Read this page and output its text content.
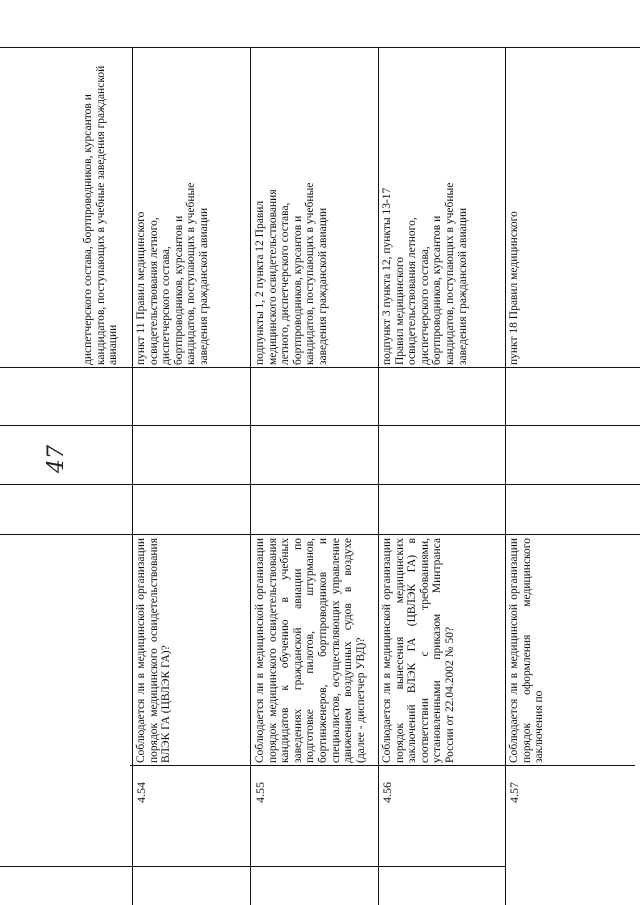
47
диспетчерского состава, бортпроводников, курсантов и кандидатов, поступающих в учебные заведения гражданской авиации
4.54
Соблюдается ли в медицинской организации порядок медицинского освидетельствования ВЛЭК ГА (ЦВЛЭК ГА)?
пункт 11 Правил медицинского освидетельствования летного, диспетчерского состава, бортпроводников, курсантов и кандидатов, поступающих в учебные заведения гражданской авиации
4.55
Соблюдается ли в медицинской организации порядок медицинского освидетельствования кандидатов к обучению в учебных заведениях гражданской авиации по подготовке пилотов, штурманов, бортинженеров, бортпроводников и специалистов, осуществляющих управление движением воздушных судов в воздухе (далее - диспетчер УВД)?
подпункты 1, 2 пункта 12 Правил медицинского освидетельствования летного, диспетчерского состава, бортпроводников, курсантов и кандидатов, поступающих в учебные заведения гражданской авиации
4.56
Соблюдается ли в медицинской организации порядок вынесения медицинских заключений ВЛЭК ГА (ЦВЛЭК ГА) в соответствии с требованиями, установленными приказом Минтранса России от 22.04.2002 № 50?
подпункт 3 пункта 12, пункты 13-17 Правил медицинского освидетельствования летного, диспетчерского состава, бортпроводников, курсантов и кандидатов, поступающих в учебные заведения гражданской авиации
4.57
Соблюдается ли в медицинской организации порядок оформления медицинского заключения по
пункт 18 Правил медицинского
